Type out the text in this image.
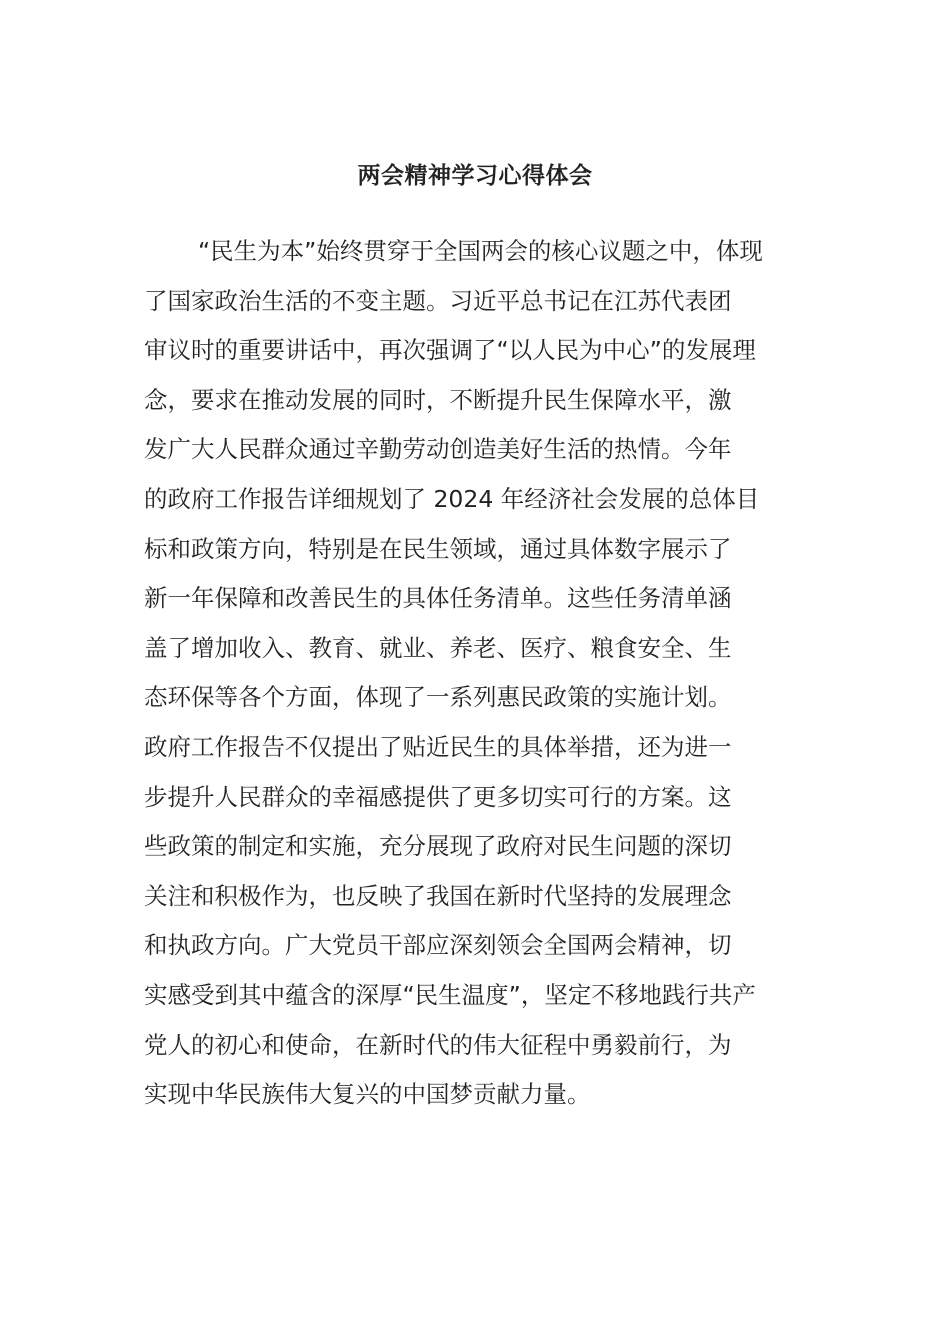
两会精神学习心得体会
“民生为本”始终贯穿于全国两会的核心议题之中，体现
了国家政治生活的不变主题。习近平总书记在江苏代表团
审议时的重要讲话中，再次强调了“以人民为中心”的发展理
念，要求在推动发展的同时，不断提升民生保障水平，激
发广大人民群众通过辛勤劳动创造美好生活的热情。今年
的政府工作报告详细规划了 2024 年经济社会发展的总体目
标和政策方向，特别是在民生领域，通过具体数字展示了
新一年保障和改善民生的具体任务清单。这些任务清单涵
盖了增加收入、教育、就业、养老、医疗、粮食安全、生
态环保等各个方面，体现了一系列惠民政策的实施计划。
政府工作报告不仅提出了贴近民生的具体举措，还为进一
步提升人民群众的幸福感提供了更多切实可行的方案。这
些政策的制定和实施，充分展现了政府对民生问题的深切
关注和积极作为，也反映了我国在新时代坚持的发展理念
和执政方向。广大党员干部应深刻领会全国两会精神，切
实感受到其中蕴含的深厚“民生温度”，坚定不移地践行共产
党人的初心和使命，在新时代的伟大征程中勇毅前行，为
实现中华民族伟大复兴的中国梦贡献力量。
